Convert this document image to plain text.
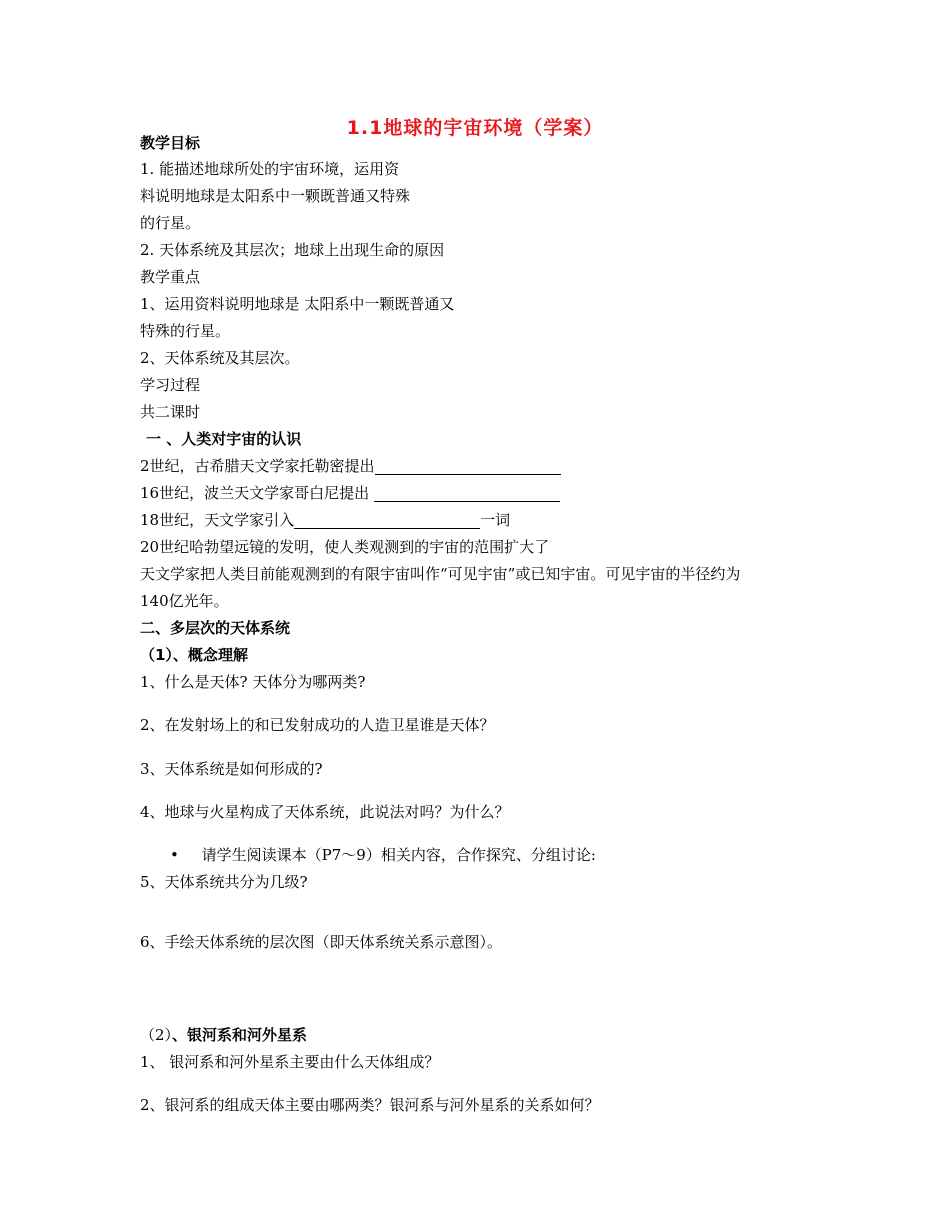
1.1地球的宇宙环境（学案）
教学目标
1. 能描述地球所处的宇宙环境，运用资
料说明地球是太阳系中一颗既普通又特殊
的行星。
2. 天体系统及其层次；地球上出现生命的原因
教学重点
1、运用资料说明地球是 太阳系中一颗既普通又
特殊的行星。
2、天体系统及其层次。
学习过程
共二课时
一 、人类对宇宙的认识
2世纪，古希腊天文学家托勒密提出
16世纪，波兰天文学家哥白尼提出
18世纪，天文学家引入	一词
20世纪哈勃望远镜的发明，使人类观测到的宇宙的范围扩大了
天文学家把人类目前能观测到的有限宇宙叫作“可见宇宙”或已知宇宙。可见宇宙的半径约为
140亿光年。
二、多层次的天体系统
（1）、概念理解
1、什么是天体? 天体分为哪两类?
2、在发射场上的和已发射成功的人造卫星谁是天体？
3、天体系统是如何形成的?
4、地球与火星构成了天体系统，此说法对吗？为什么？
• 请学生阅读课本（P7～9）相关内容，合作探究、分组讨论:
5、天体系统共分为几级?
6、手绘天体系统的层次图（即天体系统关系示意图）。
（2）、银河系和河外星系
1、 银河系和河外星系主要由什么天体组成？
2、银河系的组成天体主要由哪两类？银河系与河外星系的关系如何？
